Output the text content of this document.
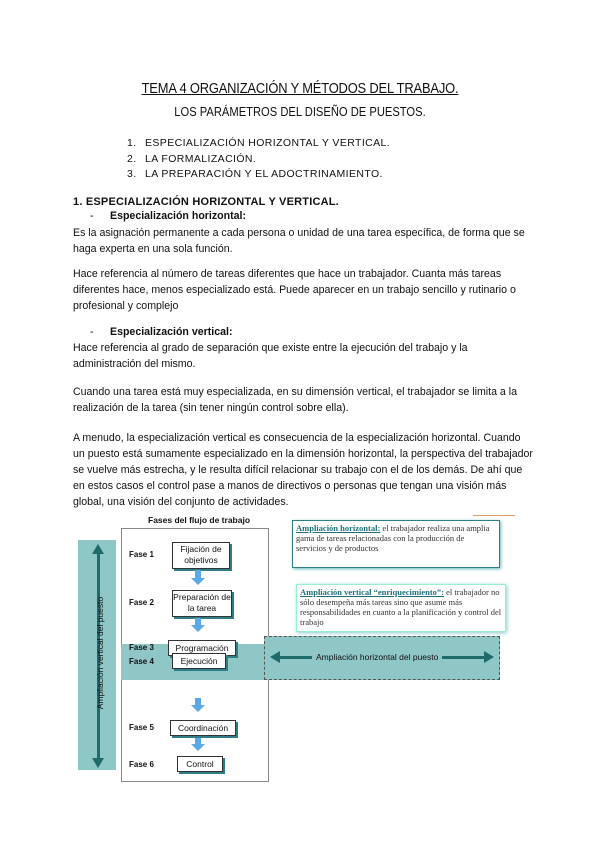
TEMA 4 ORGANIZACIÓN Y MÉTODOS DEL TRABAJO.
LOS PARÁMETROS DEL DISEÑO DE PUESTOS.
1. ESPECIALIZACIÓN HORIZONTAL Y VERTICAL.
2. LA FORMALIZACIÓN.
3. LA PREPARACIÓN Y EL ADOCTRINAMIENTO.
1. ESPECIALIZACIÓN HORIZONTAL Y VERTICAL.
- Especialización horizontal:
Es la asignación permanente a cada persona o unidad de una tarea específica, de forma que se haga experta en una sola función.
Hace referencia al número de tareas diferentes que hace un trabajador. Cuanta más tareas diferentes hace, menos especializado está. Puede aparecer en un trabajo sencillo y rutinario o profesional y complejo
- Especialización vertical:
Hace referencia al grado de separación que existe entre la ejecución del trabajo y la administración del mismo.
Cuando una tarea está muy especializada, en su dimensión vertical, el trabajador se limita a la realización de la tarea (sin tener ningún control sobre ella).
A menudo, la especialización vertical es consecuencia de la especialización horizontal. Cuando un puesto está sumamente especializado en la dimensión horizontal, la perspectiva del trabajador se vuelve más estrecha, y le resulta difícil relacionar su trabajo con el de los demás. De ahí que en estos casos el control pase a manos de directivos o personas que tengan una visión más global, una visión del conjunto de actividades.
Fases del flujo de trabajo
Ampliación vertical del puesto
Fase 1
Fase 2
Fase 3
Fase 4
Fase 5
Fase 6
Fijación de objetivos
Preparación de la tarea
Programación
Ejecución
Coordinación
Control
Ampliación horizontal del puesto
Ampliación horizontal: el trabajador realiza una amplia gama de tareas relacionadas con la producción de servicios y de productos
Ampliación vertical “enriquecimiento”: el trabajador no sólo desempeña más tareas sino que asume más responsabilidades en cuanto a la planificación y control del trabajo
